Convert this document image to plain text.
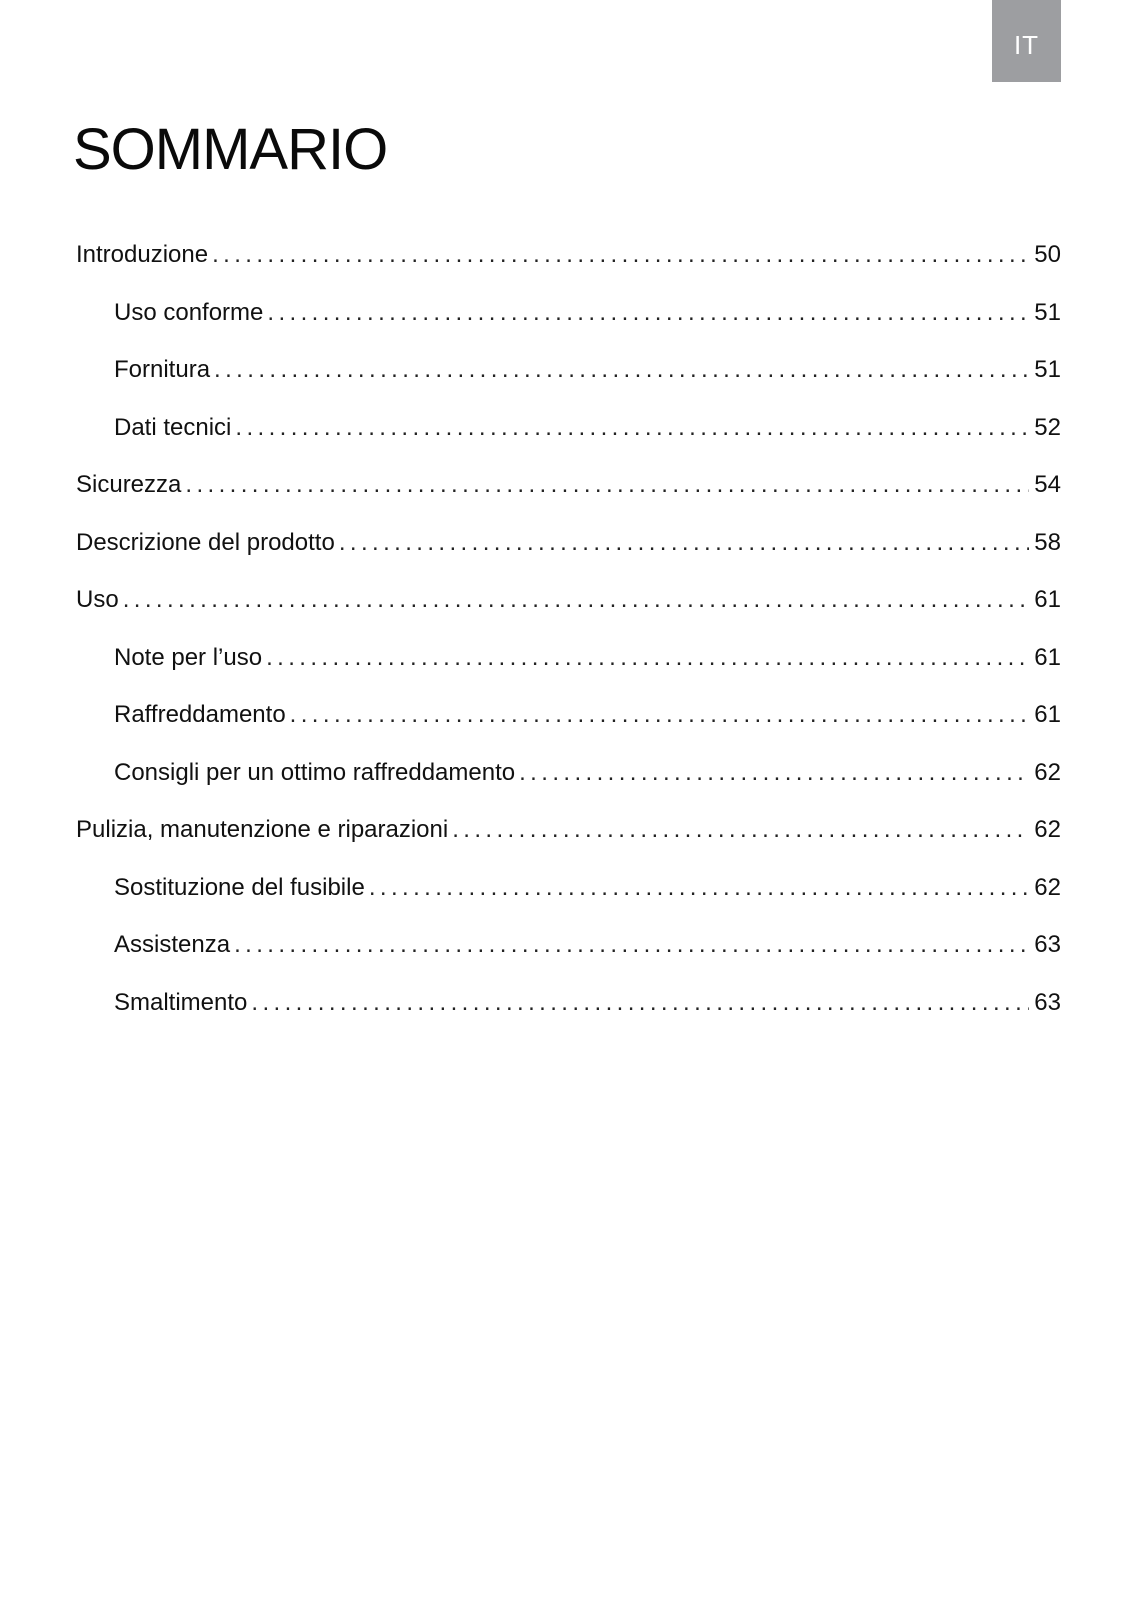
IT
SOMMARIO
Introduzione .....	50
Uso conforme .....	51
Fornitura .....	51
Dati tecnici .....	52
Sicurezza .....	54
Descrizione del prodotto .....	58
Uso .....	61
Note per l’uso .....	61
Raffreddamento .....	61
Consigli per un ottimo raffreddamento .....	62
Pulizia, manutenzione e riparazioni .....	62
Sostituzione del fusibile .....	62
Assistenza .....	63
Smaltimento .....	63
